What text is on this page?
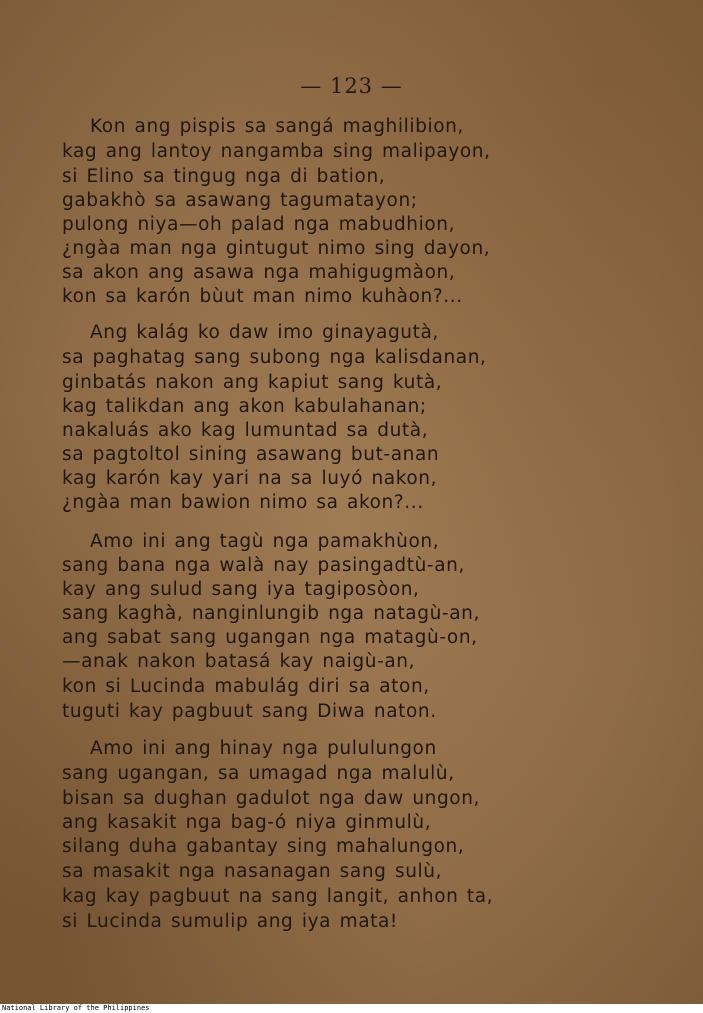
— 123 —
Kon ang pispis sa sangá maghilibion,
kag ang lantoy nangamba sing malipayon,
si Elino sa tingug nga di bation,
gabakhò sa asawang tagumatayon;
pulong niya—oh palad nga mabudhion,
¿ngàa man nga gintugut nimo sing dayon,
sa akon ang asawa nga mahigugmàon,
kon sa karón bùut man nimo kuhàon?...
Ang kalág ko daw imo ginayagutà,
sa paghatag sang subong nga kalisdanan,
ginbatás nakon ang kapiut sang kutà,
kag talikdan ang akon kabulahanan;
nakaluás ako kag lumuntad sa dutà,
sa pagtoltol sining asawang but-anan
kag karón kay yari na sa luyó nakon,
¿ngàa man bawion nimo sa akon?...
Amo ini ang tagù nga pamakhùon,
sang bana nga walà nay pasingadtù-an,
kay ang sulud sang iya tagiposòon,
sang kaghà, nanginlungib nga natagù-an,
ang sabat sang ugangan nga matagù-on,
—anak nakon batasá kay naigù-an,
kon si Lucinda mabulág diri sa aton,
tuguti kay pagbuut sang Diwa naton.
Amo ini ang hinay nga pululungon
sang ugangan, sa umagad nga malulù,
bisan sa dughan gadulot nga daw ungon,
ang kasakit nga bag-ó niya ginmulù,
silang duha gabantay sing mahalungon,
sa masakit nga nasanagan sang sulù,
kag kay pagbuut na sang langit, anhon ta,
si Lucinda sumulip ang iya mata!
National Library of the Philippines
